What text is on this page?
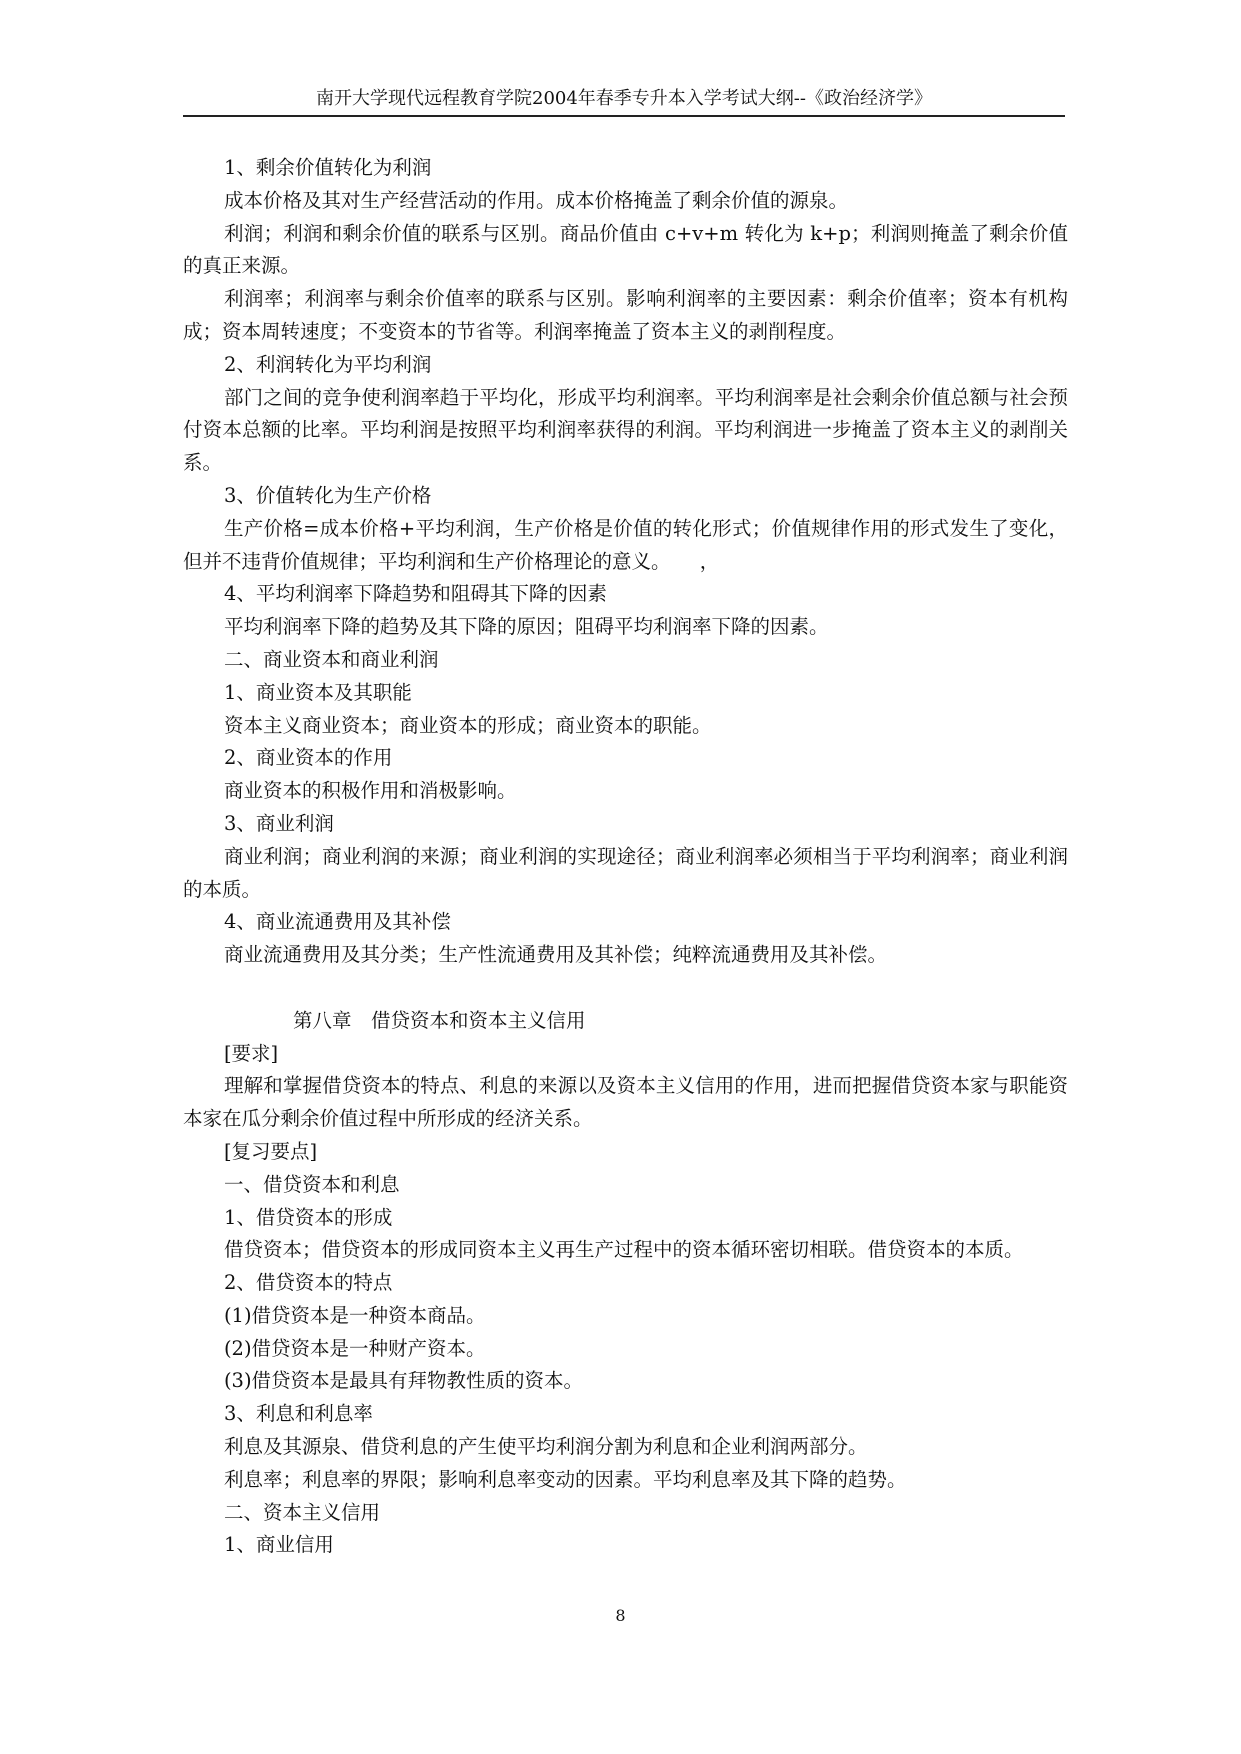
南开大学现代远程教育学院2004年春季专升本入学考试大纲--《政治经济学》

1、剩余价值转化为利润

成本价格及其对生产经营活动的作用。成本价格掩盖了剩余价值的源泉。

利润；利润和剩余价值的联系与区别。商品价值由 c+v+m 转化为 k+p；利润则掩盖了剩余价值的真正来源。

利润率；利润率与剩余价值率的联系与区别。影响利润率的主要因素：剩余价值率；资本有机构成；资本周转速度；不变资本的节省等。利润率掩盖了资本主义的剥削程度。

2、利润转化为平均利润

部门之间的竞争使利润率趋于平均化，形成平均利润率。平均利润率是社会剩余价值总额与社会预付资本总额的比率。平均利润是按照平均利润率获得的利润。平均利润进一步掩盖了资本主义的剥削关系。

3、价值转化为生产价格

生产价格=成本价格+平均利润，生产价格是价值的转化形式；价值规律作用的形式发生了变化，但并不违背价值规律；平均利润和生产价格理论的意义。　　，

4、平均利润率下降趋势和阻碍其下降的因素

平均利润率下降的趋势及其下降的原因；阻碍平均利润率下降的因素。

二、商业资本和商业利润

1、商业资本及其职能

资本主义商业资本；商业资本的形成；商业资本的职能。

2、商业资本的作用

商业资本的积极作用和消极影响。

3、商业利润

商业利润；商业利润的来源；商业利润的实现途径；商业利润率必须相当于平均利润率；商业利润的本质。

4、商业流通费用及其补偿

商业流通费用及其分类；生产性流通费用及其补偿；纯粹流通费用及其补偿。

第八章　借贷资本和资本主义信用

[要求]

理解和掌握借贷资本的特点、利息的来源以及资本主义信用的作用，进而把握借贷资本家与职能资本家在瓜分剩余价值过程中所形成的经济关系。

[复习要点]

一、借贷资本和利息

1、借贷资本的形成

借贷资本；借贷资本的形成同资本主义再生产过程中的资本循环密切相联。借贷资本的本质。

2、借贷资本的特点

(1)借贷资本是一种资本商品。

(2)借贷资本是一种财产资本。

(3)借贷资本是最具有拜物教性质的资本。

3、利息和利息率

利息及其源泉、借贷利息的产生使平均利润分割为利息和企业利润两部分。

利息率；利息率的界限；影响利息率变动的因素。平均利息率及其下降的趋势。

二、资本主义信用

1、商业信用

8
